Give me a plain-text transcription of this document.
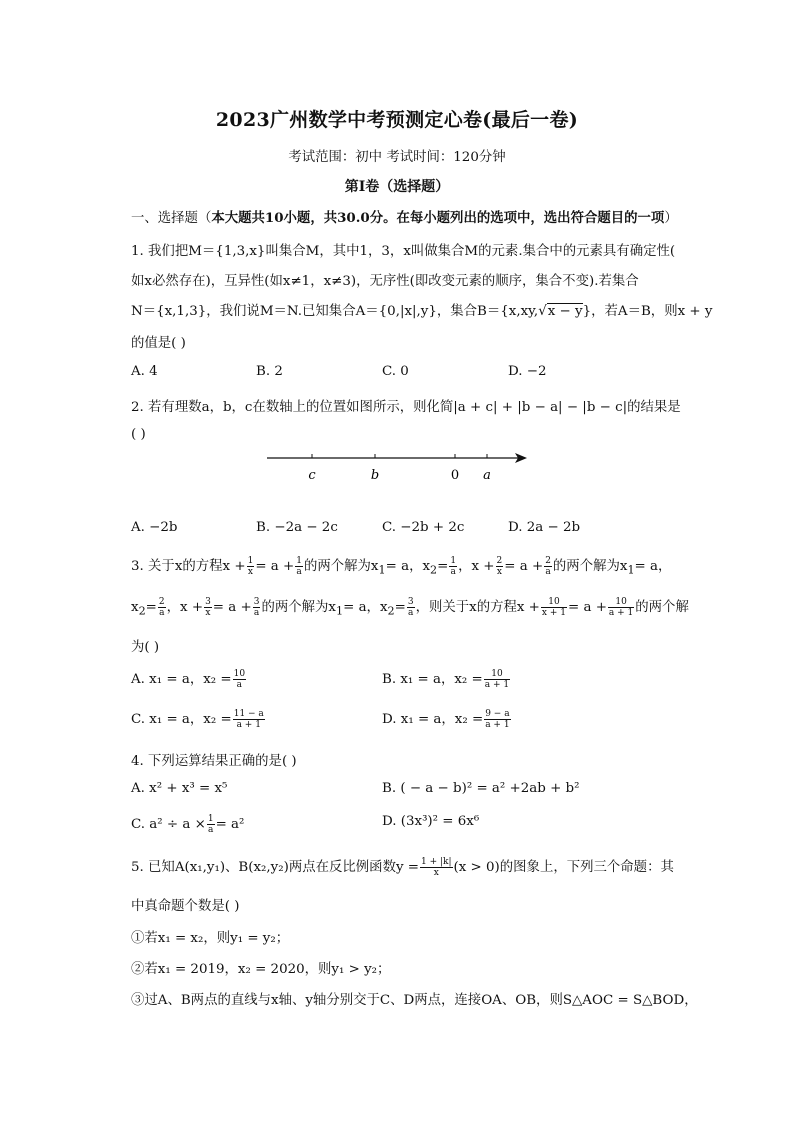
2023广州数学中考预测定心卷(最后一卷)
考试范围：初中 考试时间：120分钟
第I卷（选择题）
一、选择题（本大题共10小题，共30.0分。在每小题列出的选项中，选出符合题目的一项）
1. 我们把M＝{1,3,x}叫集合M，其中1，3，x叫做集合M的元素.集合中的元素具有确定性(
如x必然存在)，互异性(如x≠1，x≠3)，无序性(即改变元素的顺序，集合不变).若集合
N＝{x,1,3}，我们说M＝N.已知集合A＝{0,|x|,y}，集合B＝{x,xy,√x − y}，若A＝B，则x + y
的值是( )
A. 4	B. 2	C. 0	D. −2
2. 若有理数a，b，c在数轴上的位置如图所示，则化简|a + c| + |b − a| − |b − c|的结果是
( )
c	b	0 a
A. −2b	B. −2a − 2c	C. −2b + 2c	D. 2a − 2b
3. 关于x的方程$x + \frac{1}{x} = a + \frac{1}{a}$ 的两个解为$x_1= a$，$x_2= \frac{1}{a}$ ，$x + \frac{2}{x} = a + \frac{2}{a}$ 的两个解为$x_1= a$，
$x_2= \frac{2}{a}$ ，$x + \frac{3}{x} = a + \frac{3}{a}$ 的两个解为$x_1= a$，$x_2= \frac{3}{a}$ ，则关于x的方程$x + \frac{10}{x + 1} = a + \frac{10}{a + 1}$ 的两个解
为( )
A. x₁ = a，$x_2 = \frac{10}{a}$	B. x₁ = a，$x_2 = \frac{10}{a + 1}$
C. x₁ = a，$x_2 = \frac{11 - a}{a + 1}$	D. x₁ = a，$x_2 = \frac{9 - a}{a + 1}$
4. 下列运算结果正确的是( )
A. x² + x³ = x⁵	B. ( − a − b)² = a² +2ab + b²
C. $a^2 \div a \times \frac{1}{a} = a^2$	D. (3x³)² = 6x⁶
5. 已知A(x₁,y₁)、B(x₂,y₂)两点在反比例函数$y = \frac{1 + |k|}{x} (x > 0)$的图象上，下列三个命题：其
中真命题个数是( )
①若x₁ = x₂，则y₁ = y₂；
②若x₁ = 2019，x₂ = 2020，则y₁ > y₂；
③过A、B两点的直线与x轴、y轴分别交于C、D两点，连接OA、OB，则S△AOC = S△BOD，
